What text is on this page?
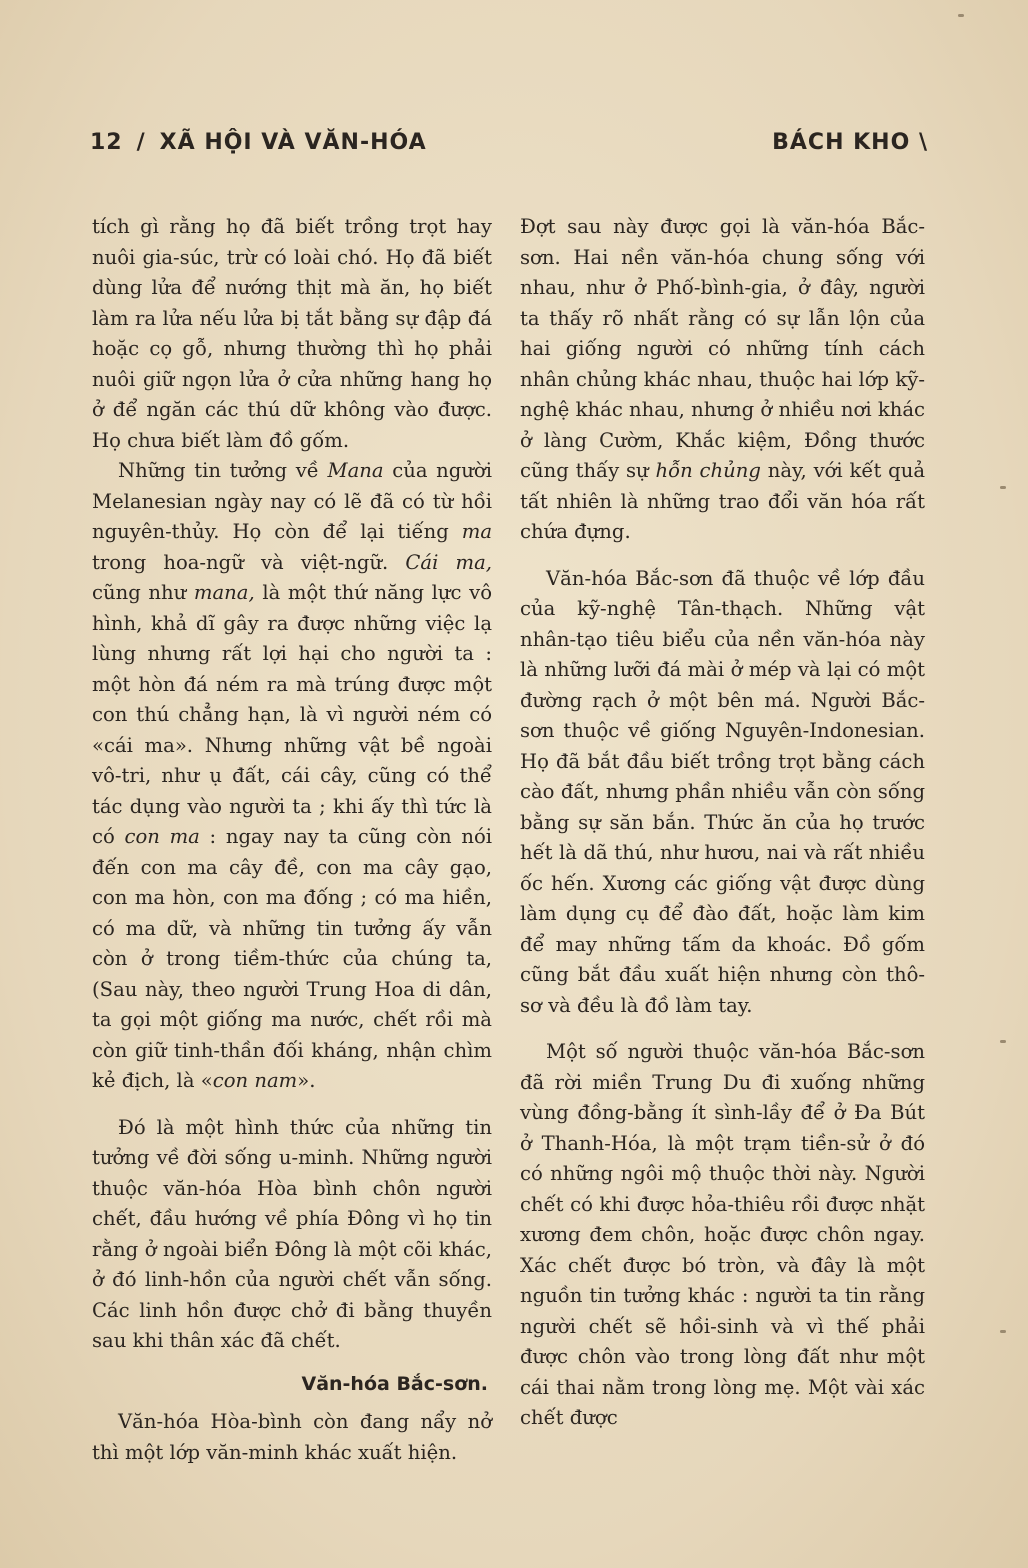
12 / XÃ HỘI VÀ VĂN-HÓA	BÁCH KHO \

tích gì rằng họ đã biết trồng trọt hay nuôi gia-súc, trừ có loài chó. Họ đã biết dùng lửa để nướng thịt mà ăn, họ biết làm ra lửa nếu lửa bị tắt bằng sự đập đá hoặc cọ gỗ, nhưng thường thì họ phải nuôi giữ ngọn lửa ở cửa những hang họ ở để ngăn các thú dữ không vào được. Họ chưa biết làm đồ gốm.

Những tin tưởng về Mana của người Melanesian ngày nay có lẽ đã có từ hồi nguyên-thủy. Họ còn để lại tiếng ma trong hoa-ngữ và việt-ngữ. Cái ma, cũng như mana, là một thứ năng lực vô hình, khả dĩ gây ra được những việc lạ lùng nhưng rất lợi hại cho người ta : một hòn đá ném ra mà trúng được một con thú chẳng hạn, là vì người ném có «cái ma». Nhưng những vật bề ngoài vô-tri, như ụ đất, cái cây, cũng có thể tác dụng vào người ta ; khi ấy thì tức là có con ma : ngay nay ta cũng còn nói đến con ma cây đề, con ma cây gạo, con ma hòn, con ma đống ; có ma hiền, có ma dữ, và những tin tưởng ấy vẫn còn ở trong tiềm-thức của chúng ta, (Sau này, theo người Trung Hoa di dân, ta gọi một giống ma nước, chết rồi mà còn giữ tinh-thần đối kháng, nhận chìm kẻ địch, là «con nam».

Đó là một hình thức của những tin tưởng về đời sống u-minh. Những người thuộc văn-hóa Hòa bình chôn người chết, đầu hướng về phía Đông vì họ tin rằng ở ngoài biển Đông là một cõi khác, ở đó linh-hồn của người chết vẫn sống. Các linh hồn được chở đi bằng thuyền sau khi thân xác đã chết.

Văn-hóa Bắc-sơn.

Văn-hóa Hòa-bình còn đang nẩy nở thì một lớp văn-minh khác xuất hiện.

Đợt sau này được gọi là văn-hóa Bắc-sơn. Hai nền văn-hóa chung sống với nhau, như ở Phố-bình-gia, ở đây, người ta thấy rõ nhất rằng có sự lẫn lộn của hai giống người có những tính cách nhân chủng khác nhau, thuộc hai lớp kỹ-nghệ khác nhau, nhưng ở nhiều nơi khác ở làng Cườm, Khắc kiệm, Đồng thước cũng thấy sự hỗn chủng này, với kết quả tất nhiên là những trao đổi văn hóa rất chứa đựng.

Văn-hóa Bắc-sơn đã thuộc về lớp đầu của kỹ-nghệ Tân-thạch. Những vật nhân-tạo tiêu biểu của nền văn-hóa này là những lưỡi đá mài ở mép và lại có một đường rạch ở một bên má. Người Bắc-sơn thuộc về giống Nguyên-Indonesian. Họ đã bắt đầu biết trồng trọt bằng cách cào đất, nhưng phần nhiều vẫn còn sống bằng sự săn bắn. Thức ăn của họ trước hết là dã thú, như hươu, nai và rất nhiều ốc hến. Xương các giống vật được dùng làm dụng cụ để đào đất, hoặc làm kim để may những tấm da khoác. Đồ gốm cũng bắt đầu xuất hiện nhưng còn thô-sơ và đều là đồ làm tay.

Một số người thuộc văn-hóa Bắc-sơn đã rời miền Trung Du đi xuống những vùng đồng-bằng ít sình-lầy để ở Đa Bút ở Thanh-Hóa, là một trạm tiền-sử ở đó có những ngôi mộ thuộc thời này. Người chết có khi được hỏa-thiêu rồi được nhặt xương đem chôn, hoặc được chôn ngay. Xác chết được bó tròn, và đây là một nguồn tin tưởng khác : người ta tin rằng người chết sẽ hồi-sinh và vì thế phải được chôn vào trong lòng đất như một cái thai nằm trong lòng mẹ. Một vài xác chết được
